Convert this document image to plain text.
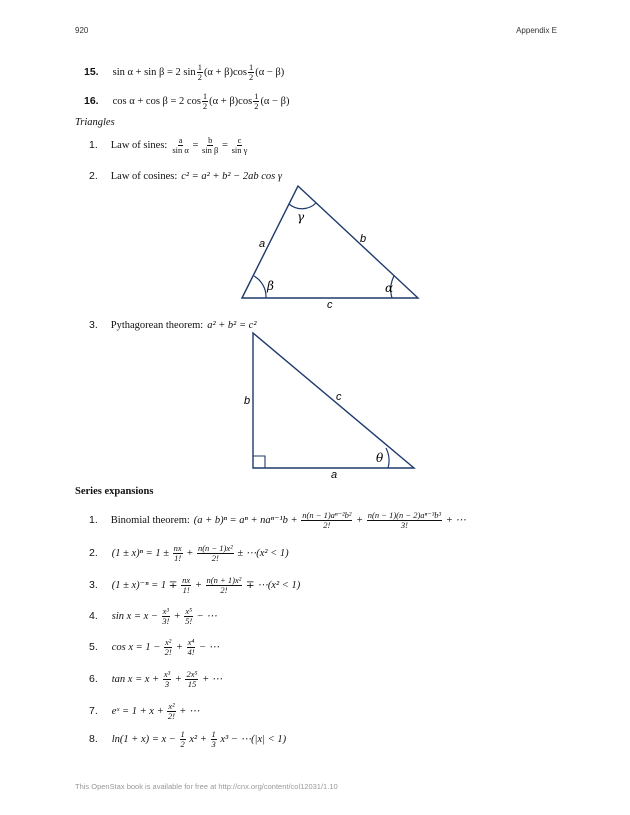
920	Appendix E
15. sin α + sin β = 2 $\sin \frac{1}{2} (\alpha + \beta)\cos \frac{1}{2} (\alpha - \beta)$
16. cos α + cos β = 2 $\cos \frac{1}{2} (\alpha + \beta)\cos \frac{1}{2} (\alpha - \beta)$
Triangles
1. Law of sines: $\frac{a}{\text{sin α}} = \frac{b}{\text{sin β}} = \frac{c}{\text{sin γ}}$
2. Law of cosines: c² = a² + b² − 2ab cos γ
a	b
c
β	α
γ
b	c
a
θ
3. Pythagorean theorem: a² + b² = c²
Series expansions
1. Binomial theorem: $(a + b)^n = a^n + na^{n-1}b + \frac{\text{n(n − 1)aⁿ⁻²b²}}{2!} + \frac{\text{n(n − 1)(n − 2)aⁿ⁻³b³}}{3!}$ + ⋯
2. $(1 \pm x)^n = 1 \pm \frac{nx}{1!} + \frac{\text{n(n − 1)x²}}{2!}$ ± ⋯(x² < 1)
3. $(1 \pm x)^{-n} = 1 \mp \frac{nx}{1!} + \frac{\text{n(n + 1)x²}}{2!}$ ∓ ⋯(x² < 1)
4. $\sin x = x - \frac{\text{x³}}{3!} + \frac{\text{x⁵}}{5!}$ − ⋯
5. $\cos x = 1 - \frac{\text{x²}}{2!} + \frac{\text{x⁴}}{4!}$ − ⋯
6. $\tan x = x + \frac{\text{x³}}{3} + \frac{\text{2x⁵}}{15}$ + ⋯
7. eˣ = $1 + x + \frac{\text{x²}}{2!}$ + ⋯
8. $\ln(1 + x) = x - \frac{1}{2} x^2 + \frac{1}{3} x^3$ − ⋯(|x| < 1)
This OpenStax book is available for free at http://cnx.org/content/col12031/1.10
